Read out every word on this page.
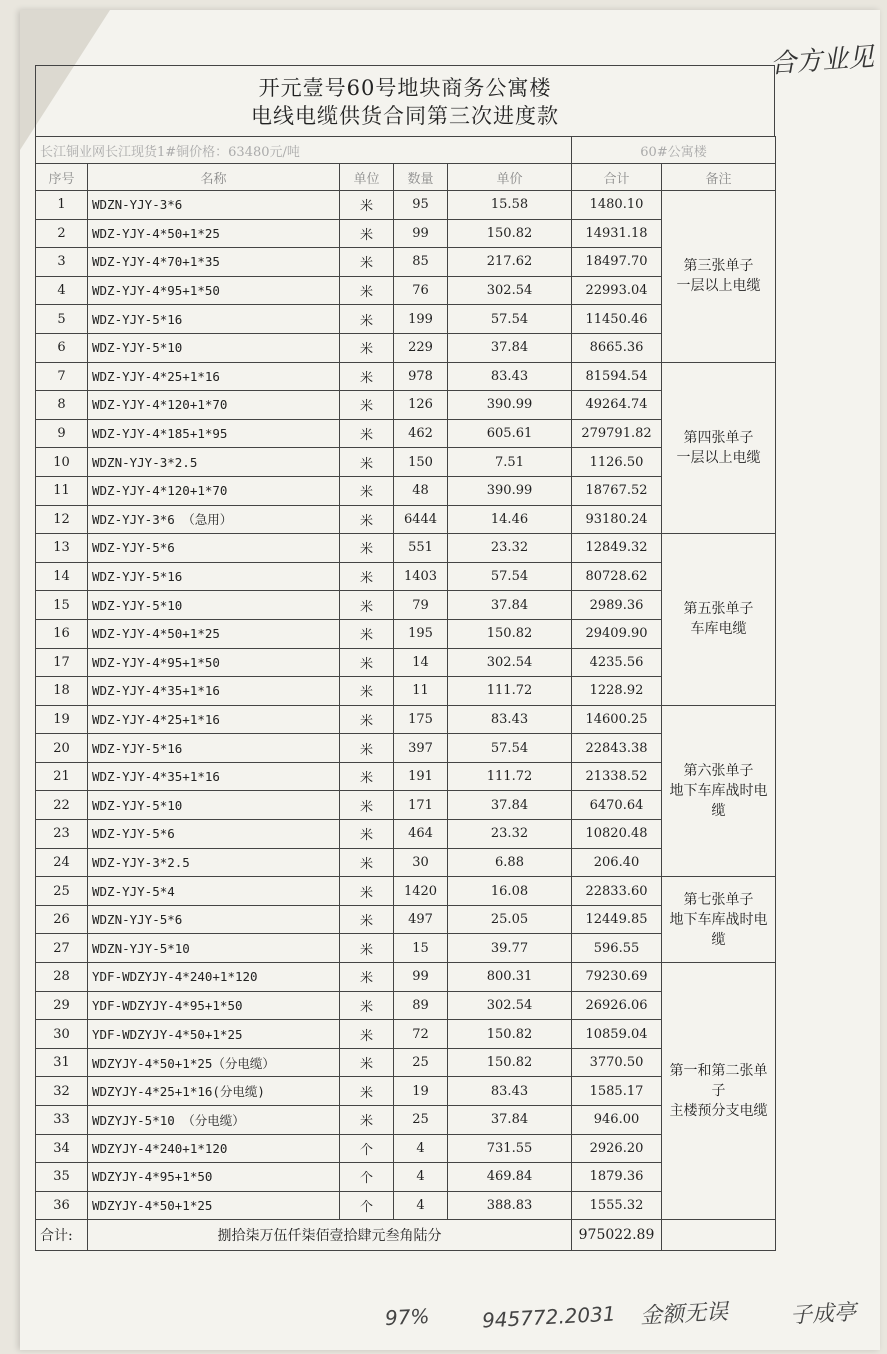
合方业见
开元壹号60号地块商务公寓楼
电线电缆供货合同第三次进度款
长江铜业网长江现货1#铜价格：63480元/吨					60#公寓楼	
序号	名称	单位	数量	单价	合计	备注
1	WDZN-YJY-3*6	米	95	15.58	1480.10	第三张单子
一层以上电缆

2	WDZ-YJY-4*50+1*25	米	99	150.82	14931.18	
3	WDZ-YJY-4*70+1*35	米	85	217.62	18497.70	
4	WDZ-YJY-4*95+1*50	米	76	302.54	22993.04	
5	WDZ-YJY-5*16	米	199	57.54	11450.46	
6	WDZ-YJY-5*10	米	229	37.84	8665.36	
7	WDZ-YJY-4*25+1*16	米	978	83.43	81594.54	第四张单子
一层以上电缆

8	WDZ-YJY-4*120+1*70	米	126	390.99	49264.74	
9	WDZ-YJY-4*185+1*95	米	462	605.61	279791.82	
10	WDZN-YJY-3*2.5	米	150	7.51	1126.50	
11	WDZ-YJY-4*120+1*70	米	48	390.99	18767.52	
12	WDZ-YJY-3*6 （急用）	米	6444	14.46	93180.24	
13	WDZ-YJY-5*6	米	551	23.32	12849.32	第五张单子
车库电缆

14	WDZ-YJY-5*16	米	1403	57.54	80728.62	
15	WDZ-YJY-5*10	米	79	37.84	2989.36	
16	WDZ-YJY-4*50+1*25	米	195	150.82	29409.90	
17	WDZ-YJY-4*95+1*50	米	14	302.54	4235.56	
18	WDZ-YJY-4*35+1*16	米	11	111.72	1228.92	
19	WDZ-YJY-4*25+1*16	米	175	83.43	14600.25	第六张单子
地下车库战时电缆

20	WDZ-YJY-5*16	米	397	57.54	22843.38	
21	WDZ-YJY-4*35+1*16	米	191	111.72	21338.52	
22	WDZ-YJY-5*10	米	171	37.84	6470.64	
23	WDZ-YJY-5*6	米	464	23.32	10820.48	
24	WDZ-YJY-3*2.5	米	30	6.88	206.40	
25	WDZ-YJY-5*4	米	1420	16.08	22833.60	第七张单子
地下车库战时电缆

26	WDZN-YJY-5*6	米	497	25.05	12449.85	
27	WDZN-YJY-5*10	米	15	39.77	596.55	
28	YDF-WDZYJY-4*240+1*120	米	99	800.31	79230.69	第一和第二张单子
主楼预分支电缆

29	YDF-WDZYJY-4*95+1*50	米	89	302.54	26926.06	
30	YDF-WDZYJY-4*50+1*25	米	72	150.82	10859.04	
31	WDZYJY-4*50+1*25（分电缆）	米	25	150.82	3770.50	
32	WDZYJY-4*25+1*16(分电缆)	米	19	83.43	1585.17	
33	WDZYJY-5*10 （分电缆）	米	25	37.84	946.00	
34	WDZYJY-4*240+1*120	个	4	731.55	2926.20	
35	WDZYJY-4*95+1*50	个	4	469.84	1879.36	
36	WDZYJY-4*50+1*25	个	4	388.83	1555.32	
合计:	捌拾柒万伍仟柒佰壹拾肆元叁角陆分				975022.89	
97%	945772.2031 金额无误	子成亭
